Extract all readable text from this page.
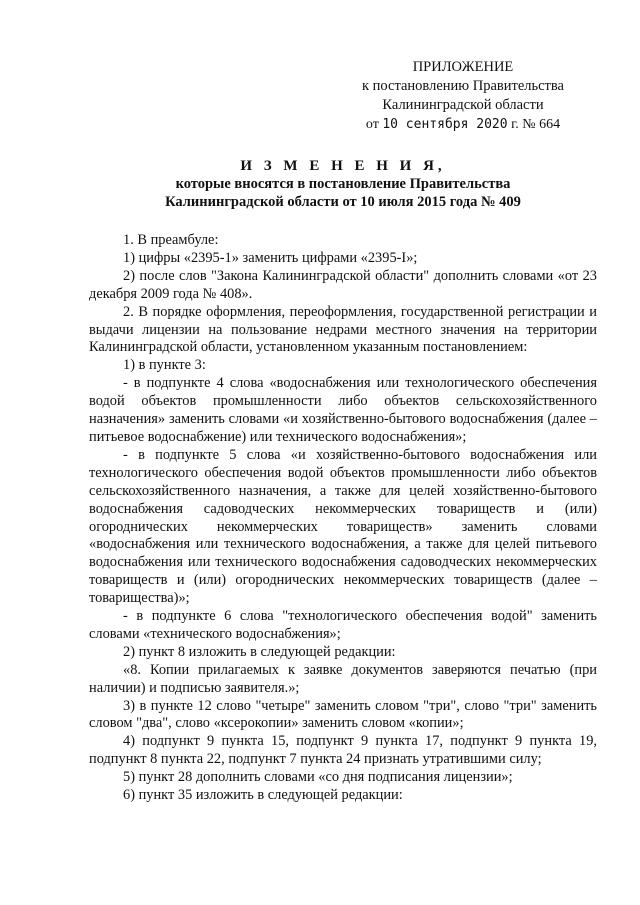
ПРИЛОЖЕНИЕ
к постановлению Правительства
Калининградской области
от 10 сентября 2020 г. № 664
И З М Е Н Е Н И Я,
которые вносятся в постановление Правительства
Калининградской области от 10 июля 2015 года № 409

1. В преамбуле:

1) цифры «2395-1» заменить цифрами «2395-I»;

2) после слов "Закона Калининградской области" дополнить словами «от 23 декабря 2009 года № 408».

2. В порядке оформления, переоформления, государственной регистрации и выдачи лицензии на пользование недрами местного значения на территории Калининградской области, установленном указанным постановлением:

1) в пункте 3:

- в подпункте 4 слова «водоснабжения или технологического обеспечения водой объектов промышленности либо объектов сельскохозяйственного назначения» заменить словами «и хозяйственно-бытового водоснабжения (далее – питьевое водоснабжение) или технического водоснабжения»;

- в подпункте 5 слова «и хозяйственно-бытового водоснабжения или технологического обеспечения водой объектов промышленности либо объектов сельскохозяйственного назначения, а также для целей хозяйственно-бытового водоснабжения садоводческих некоммерческих товариществ и (или) огороднических некоммерческих товариществ» заменить словами «водоснабжения или технического водоснабжения, а также для целей питьевого водоснабжения или технического водоснабжения садоводческих некоммерческих товариществ и (или) огороднических некоммерческих товариществ (далее – товарищества)»;

- в подпункте 6 слова "технологического обеспечения водой" заменить словами «технического водоснабжения»;

2) пункт 8 изложить в следующей редакции:

«8. Копии прилагаемых к заявке документов заверяются печатью (при наличии) и подписью заявителя.»;

3) в пункте 12 слово "четыре" заменить словом "три", слово "три" заменить словом "два", слово «ксерокопии» заменить словом «копии»;

4) подпункт 9 пункта 15, подпункт 9 пункта 17, подпункт 9 пункта 19, подпункт 8 пункта 22, подпункт 7 пункта 24 признать утратившими силу;

5) пункт 28 дополнить словами «со дня подписания лицензии»;

6) пункт 35 изложить в следующей редакции:
